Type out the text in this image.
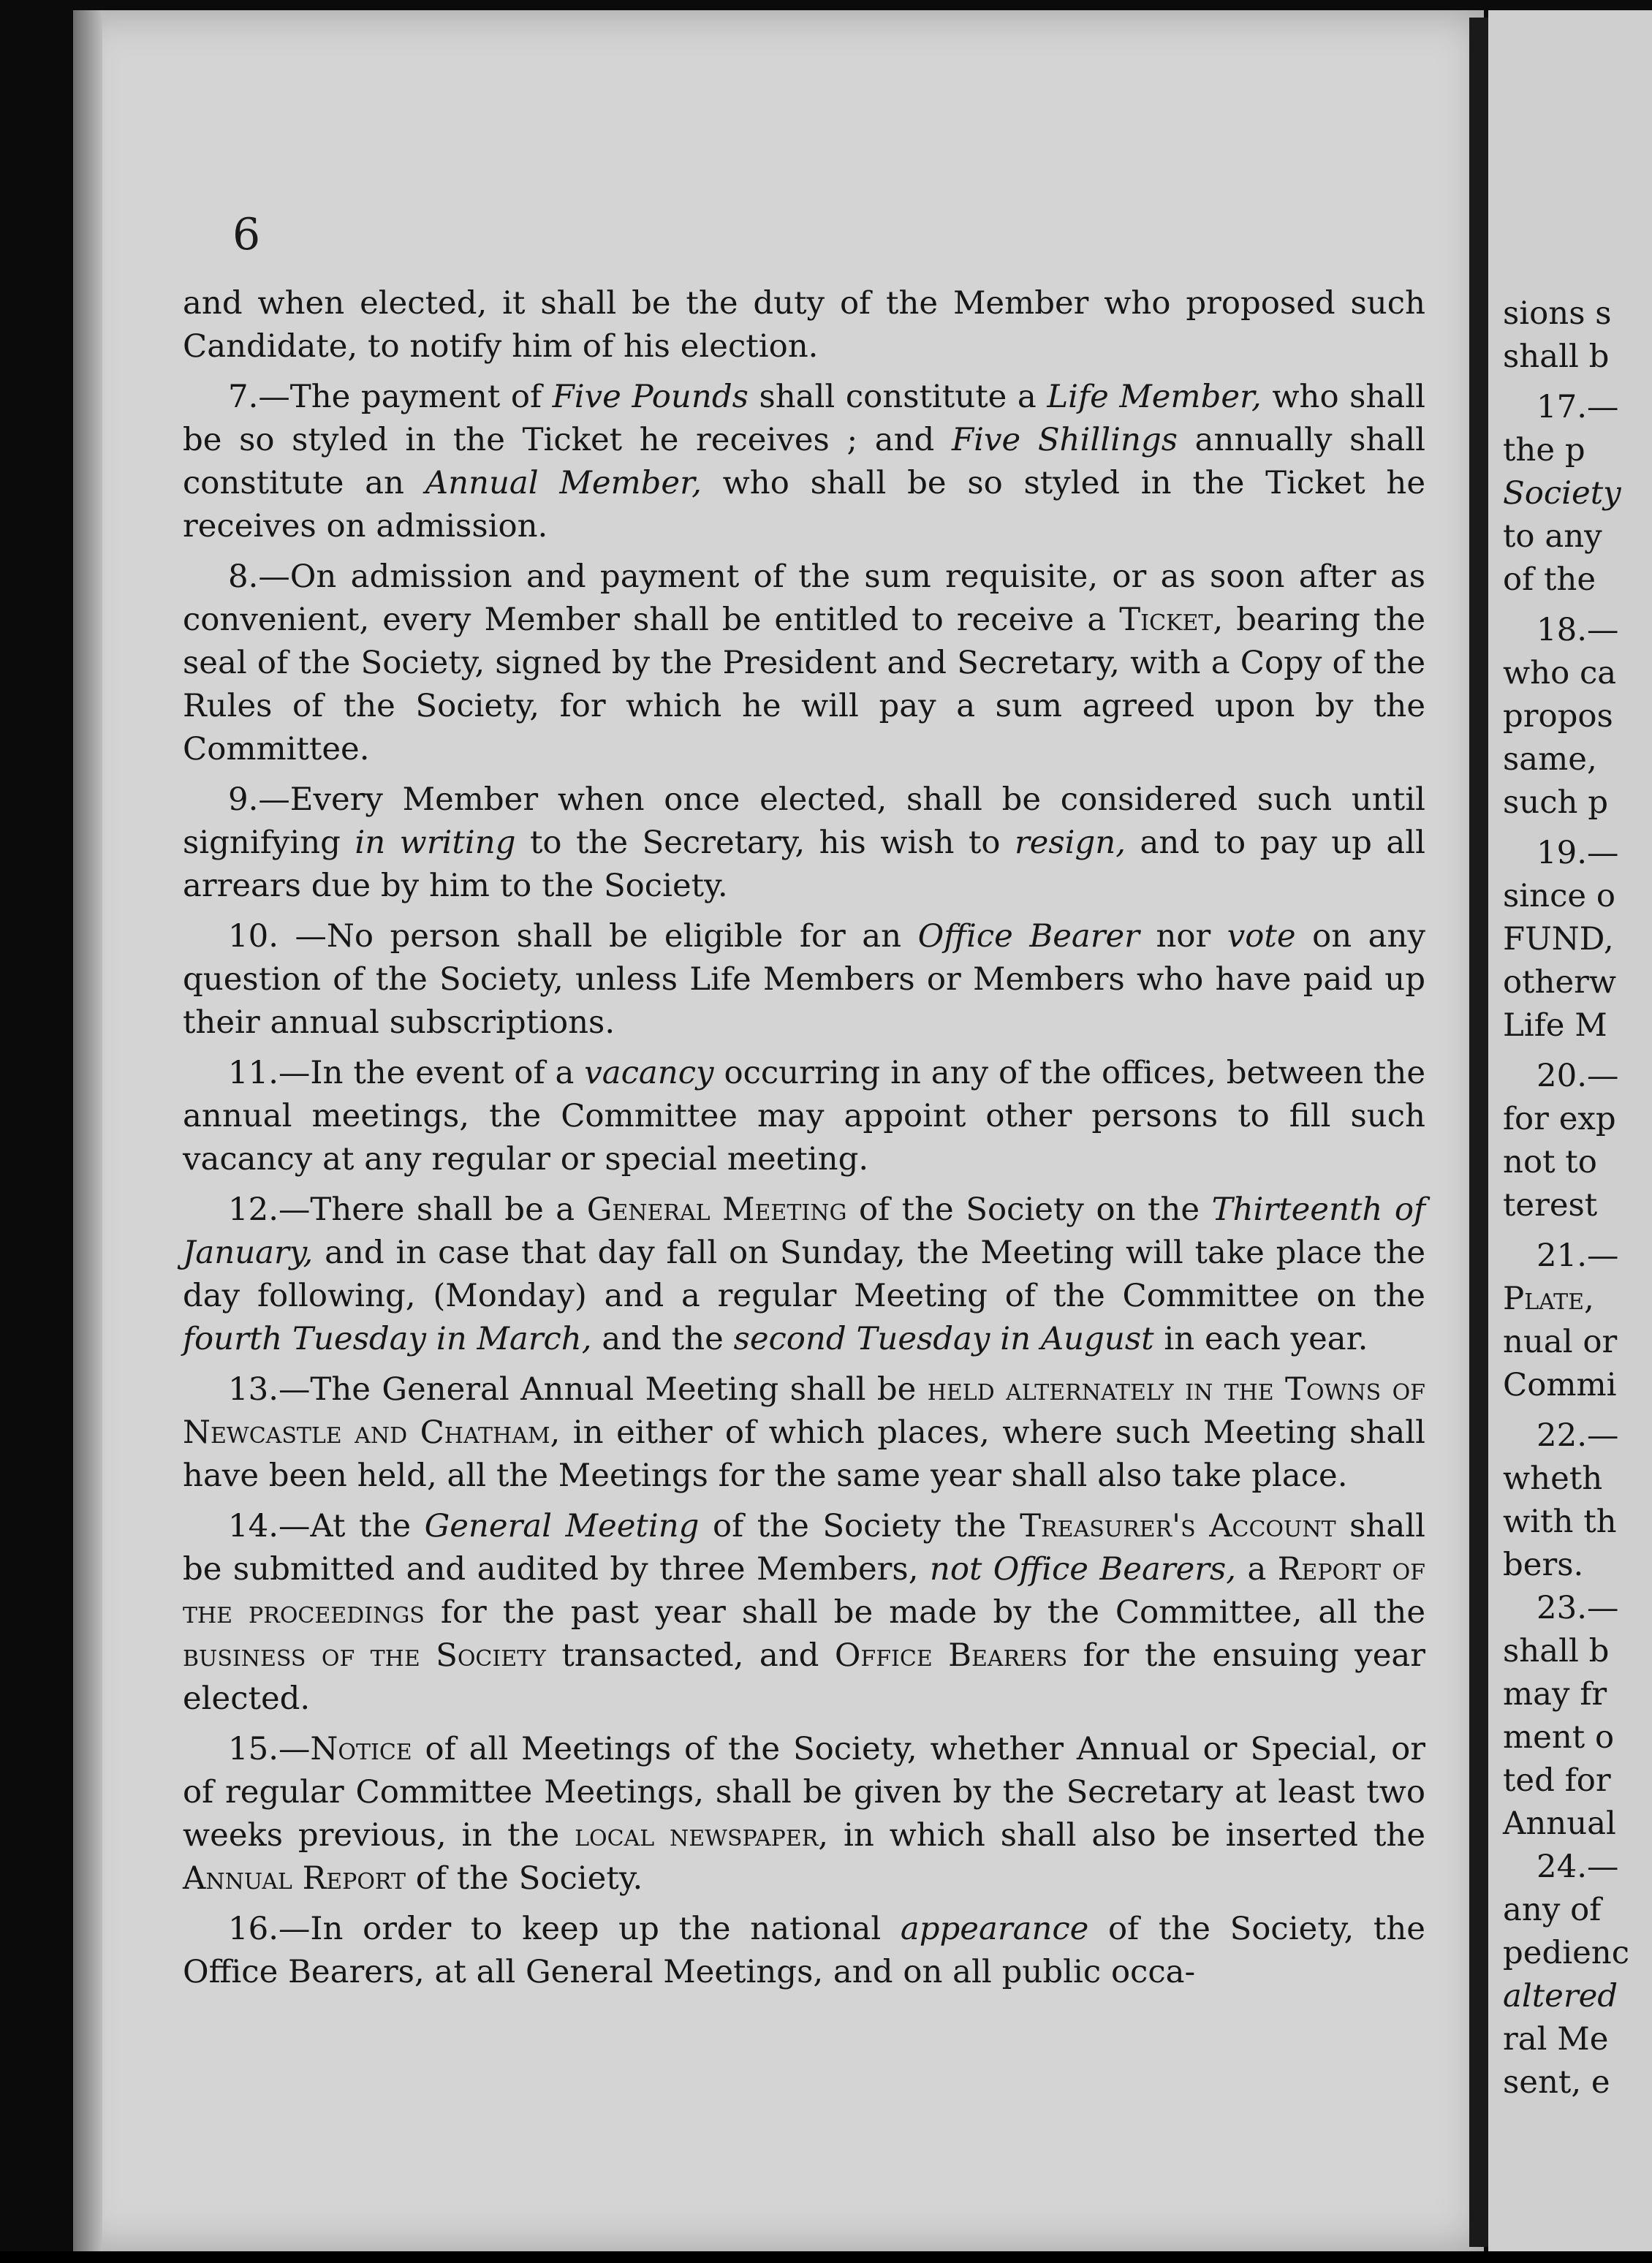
sions s
shall b
17.—
the p
Society
to any
of the
18.—
who ca
propos
same,
such p
19.—
since o
FUND,
otherw
Life M
20.—
for exp
not to
terest
21.—
Plate,
nual or
Commi
22.—
wheth
with th
bers.
23.—
shall b
may fr
ment o
ted for
Annual
24.—
any of
pedienc
altered
ral Me
sent, e
6

and when elected, it shall be the duty of the Member who proposed such Candidate, to notify him of his election.

7.—The payment of Five Pounds shall constitute a Life Member, who shall be so styled in the Ticket he receives ; and Five Shillings annually shall constitute an Annual Member, who shall be so styled in the Ticket he receives on admission.

8.—On admission and payment of the sum requisite, or as soon after as convenient, every Member shall be entitled to receive a Ticket, bearing the seal of the Society, signed by the President and Secretary, with a Copy of the Rules of the Society, for which he will pay a sum agreed upon by the Committee.

9.—Every Member when once elected, shall be considered such until signifying in writing to the Secretary, his wish to resign, and to pay up all arrears due by him to the Society.

10. —No person shall be eligible for an Office Bearer nor vote on any question of the Society, unless Life Members or Members who have paid up their annual subscriptions.

11.—In the event of a vacancy occurring in any of the offices, between the annual meetings, the Committee may appoint other persons to fill such vacancy at any regular or special meeting.

12.—There shall be a General Meeting of the Society on the Thirteenth of January, and in case that day fall on Sunday, the Meeting will take place the day following, (Monday) and a regular Meeting of the Committee on the fourth Tuesday in March, and the second Tuesday in August in each year.

13.—The General Annual Meeting shall be held alternately in the Towns of Newcastle and Chatham, in either of which places, where such Meeting shall have been held, all the Meetings for the same year shall also take place.

14.—At the General Meeting of the Society the Treasurer's Account shall be submitted and audited by three Members, not Office Bearers, a Report of the proceedings for the past year shall be made by the Committee, all the business of the Society transacted, and Office Bearers for the ensuing year elected.

15.—Notice of all Meetings of the Society, whether Annual or Special, or of regular Committee Meetings, shall be given by the Secretary at least two weeks previous, in the local newspaper, in which shall also be inserted the Annual Report of the Society.

16.—In order to keep up the national appearance of the Society, the Office Bearers, at all General Meetings, and on all public occa-
